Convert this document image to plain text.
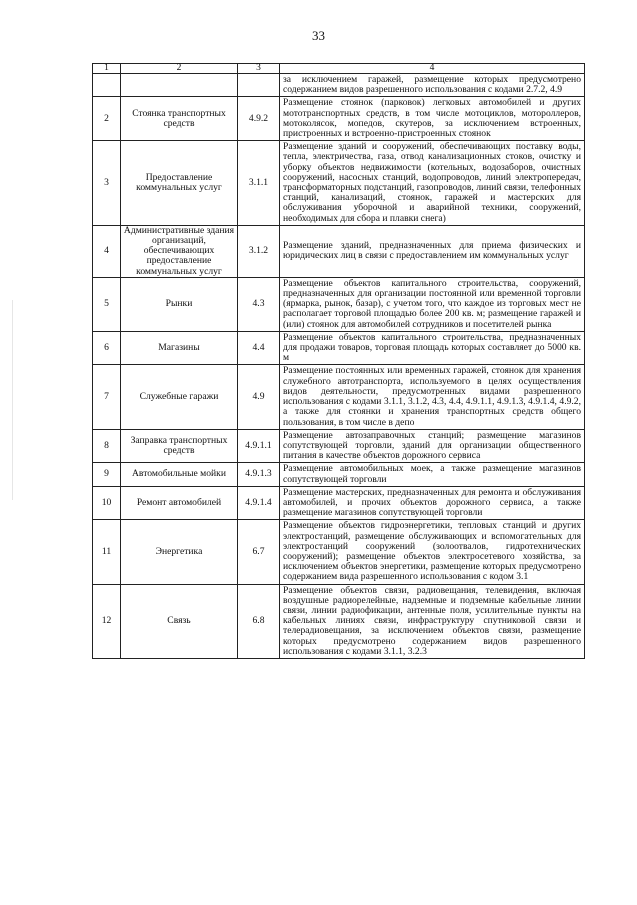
33
1	2	3	4
			за исключением гаражей, размещение которых предусмотрено содержанием видов разрешенного использования с кодами 2.7.2, 4.9
2	Стоянка транспортных средств	4.9.2	Размещение стоянок (парковок) легковых автомобилей и других мототранспортных средств, в том числе мотоциклов, мотороллеров, мотоколясок, мопедов, скутеров, за исключением встроенных, пристроенных и встроенно-пристроенных стоянок
3	Предоставление коммунальных услуг	3.1.1	Размещение зданий и сооружений, обеспечивающих поставку воды, тепла, электричества, газа, отвод канализационных стоков, очистку и уборку объектов недвижимости (котельных, водозаборов, очистных сооружений, насосных станций, водопроводов, линий электропередач, трансформаторных подстанций, газопроводов, линий связи, телефонных станций, канализаций, стоянок, гаражей и мастерских для обслуживания уборочной и аварийной техники, сооружений, необходимых для сбора и плавки снега)
4	Административные здания организаций, обеспечивающих предоставление коммунальных услуг	3.1.2	Размещение зданий, предназначенных для приема физических и юридических лиц в связи с предоставлением им коммунальных услуг
5	Рынки	4.3	Размещение объектов капитального строительства, сооружений, предназначенных для организации постоянной или временной торговли (ярмарка, рынок, базар), с учетом того, что каждое из торговых мест не располагает торговой площадью более 200 кв. м; размещение гаражей и (или) стоянок для автомобилей сотрудников и посетителей рынка
6	Магазины	4.4	Размещение объектов капитального строительства, предназначенных для продажи товаров, торговая площадь которых составляет до 5000 кв. м
7	Служебные гаражи	4.9	Размещение постоянных или временных гаражей, стоянок для хранения служебного автотранспорта, используемого в целях осуществления видов деятельности, предусмотренных видами разрешенного использования с кодами 3.1.1, 3.1.2, 4.3, 4.4, 4.9.1.1, 4.9.1.3, 4.9.1.4, 4.9.2, а также для стоянки и хранения транспортных средств общего пользования, в том числе в депо
8	Заправка транспортных средств	4.9.1.1	Размещение автозаправочных станций; размещение магазинов сопутствующей торговли, зданий для организации общественного питания в качестве объектов дорожного сервиса
9	Автомобильные мойки	4.9.1.3	Размещение автомобильных моек, а также размещение магазинов сопутствующей торговли
10	Ремонт автомобилей	4.9.1.4	Размещение мастерских, предназначенных для ремонта и обслуживания автомобилей, и прочих объектов дорожного сервиса, а также размещение магазинов сопутствующей торговли
11	Энергетика	6.7	Размещение объектов гидроэнергетики, тепловых станций и других электростанций, размещение обслуживающих и вспомогательных для электростанций сооружений (золоотвалов, гидротехнических сооружений); размещение объектов электросетевого хозяйства, за исключением объектов энергетики, размещение которых предусмотрено содержанием вида разрешенного использования с кодом 3.1
12	Связь	6.8	Размещение объектов связи, радиовещания, телевидения, включая воздушные радиорелейные, надземные и подземные кабельные линии связи, линии радиофикации, антенные поля, усилительные пункты на кабельных линиях связи, инфраструктуру спутниковой связи и телерадиовещания, за исключением объектов связи, размещение которых предусмотрено содержанием видов разрешенного использования с кодами 3.1.1, 3.2.3
